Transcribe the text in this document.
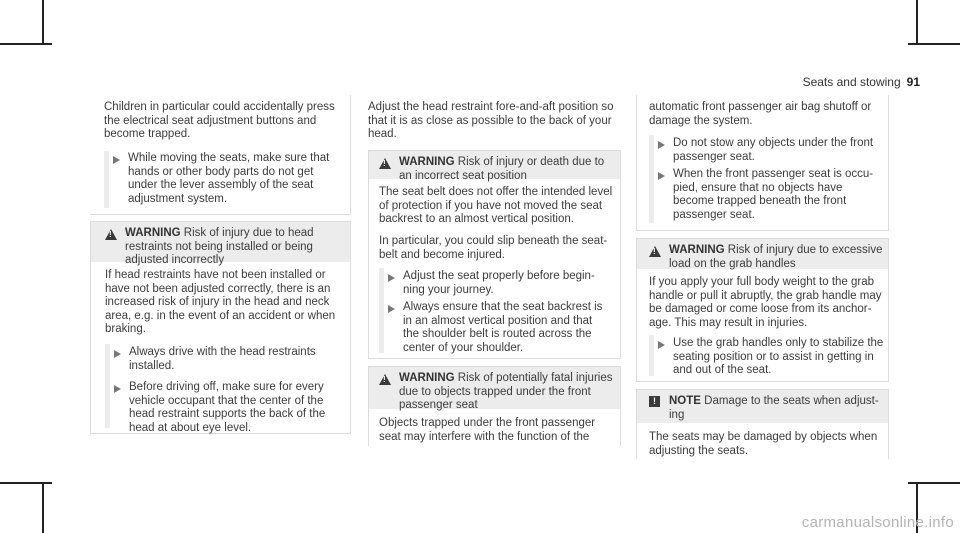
Seats and stowing 91
Children in particular could accidentally press
the electrical seat adjustment buttons and
become trapped.
While moving the seats, make sure that
hands or other body parts do not get
under the lever assembly of the seat
adjustment system.
!
WARNING Risk of injury due to head
restraints not being installed or being
adjusted incorrectly
If head restraints have not been installed or
have not been adjusted correctly, there is an
increased risk of injury in the head and neck
area, e.g. in the event of an accident or when
braking.
Always drive with the head restraints
installed.
Before driving off, make sure for every
vehicle occupant that the center of the
head restraint supports the back of the
head at about eye level.
Adjust the head restraint fore-and-aft position so
that it is as close as possible to the back of your
head.
!
WARNING Risk of injury or death due to
an incorrect seat position
The seat belt does not offer the intended level
of protection if you have not moved the seat
backrest to an almost vertical position.
In particular, you could slip beneath the seat-
belt and become injured.
Adjust the seat properly before begin-
ning your journey.
Always ensure that the seat backrest is
in an almost vertical position and that
the shoulder belt is routed across the
center of your shoulder.
!
WARNING Risk of potentially fatal injuries
due to objects trapped under the front
passenger seat
Objects trapped under the front passenger
seat may interfere with the function of the
automatic front passenger air bag shutoff or
damage the system.
Do not stow any objects under the front
passenger seat.
When the front passenger seat is occu-
pied, ensure that no objects have
become trapped beneath the front
passenger seat.
!
WARNING Risk of injury due to excessive
load on the grab handles
If you apply your full body weight to the grab
handle or pull it abruptly, the grab handle may
be damaged or come loose from its anchor-
age. This may result in injuries.
Use the grab handles only to stabilize the
seating position or to assist in getting in
and out of the seat.
!	NOTE Damage to the seats when adjust-
ing
The seats may be damaged by objects when
adjusting the seats.
carmanualsonline.info
